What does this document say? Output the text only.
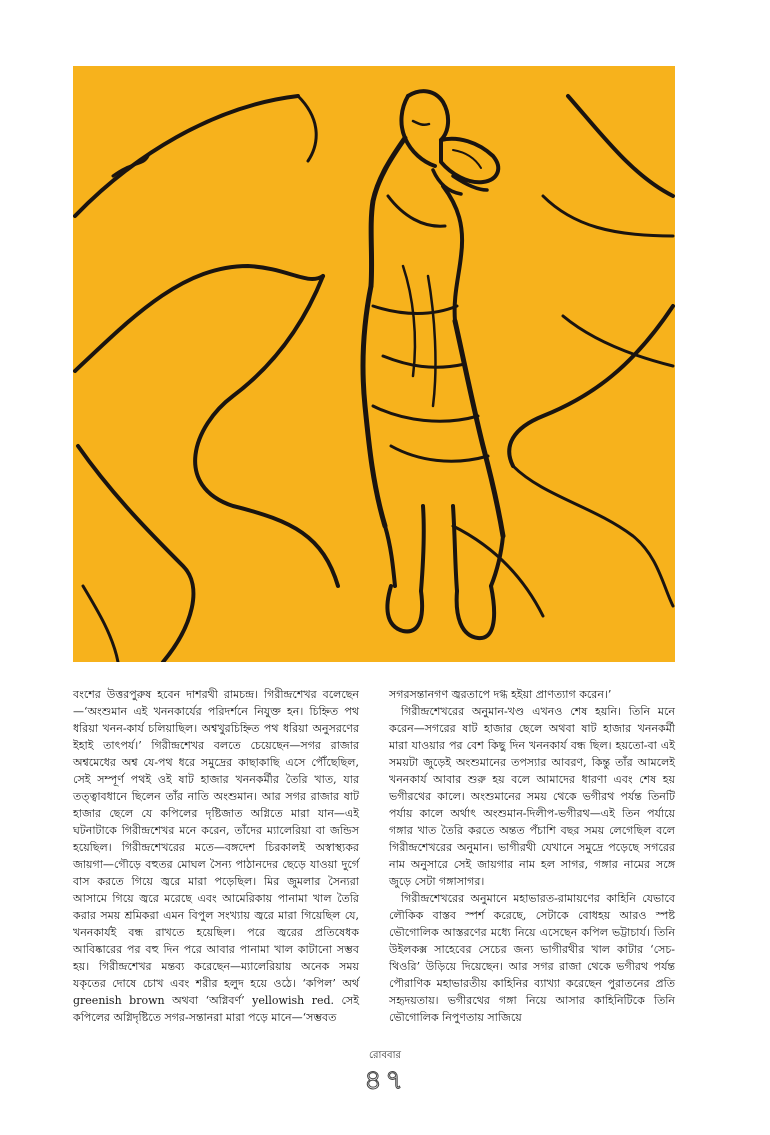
বংশের উত্তরপুরুষ হবেন দাশরথী রামচন্দ্র। গিরীন্দ্রশেখর বলেছেন—‘অংশুমান এই খননকার্যের পরিদর্শনে নিযুক্ত হন। চিহ্নিত পথ ধরিয়া খনন-কার্য চলিয়াছিল। অশ্বখুরচিহ্নিত পথ ধরিয়া অনুসরণের ইহাই তাৎপর্য।’ গিরীন্দ্রশেখর বলতে চেয়েছেন—সগর রাজার অশ্বমেধের অশ্ব যে-পথ ধরে সমুদ্রের কাছাকাছি এসে পৌঁছেছিল, সেই সম্পূর্ণ পথই ওই ষাট হাজার খননকর্মীর তৈরি খাত, যার তত্ত্বাবধানে ছিলেন তাঁর নাতি অংশুমান। আর সগর রাজার ষাট হাজার ছেলে যে কপিলের দৃষ্টিজাত অগ্নিতে মারা যান—এই ঘটনাটাকে গিরীন্দ্রশেখর মনে করেন, তাঁদের ম্যালেরিয়া বা জন্ডিস হয়েছিল। গিরীন্দ্রশেখরের মতে—বঙ্গদেশ চিরকালই অস্বাস্থ্যকর জায়গা—গৌড়ে বহুতর মোঘল সৈন্য পাঠানদের ছেড়ে যাওয়া দুর্গে বাস করতে গিয়ে জ্বরে মারা পড়েছিল। মির জুমলার সৈন্যরা আসামে গিয়ে জ্বরে মরেছে এবং আমেরিকায় পানামা খাল তৈরি করার সময় শ্রমিকরা এমন বিপুল সংখ্যায় জ্বরে মারা গিয়েছিল যে, খননকার্যই বন্ধ রাখতে হয়েছিল। পরে জ্বরের প্রতিষেধক আবিষ্কারের পর বহু দিন পরে আবার পানামা খাল কাটানো সম্ভব হয়। গিরীন্দ্রশেখর মন্তব্য করেছেন—ম্যালেরিয়ায় অনেক সময় যকৃতের দোষে চোখ এবং শরীর হলুদ হয়ে ওঠে। ‘কপিল’ অর্থ greenish brown অথবা ‘অগ্নিবর্ণ’ yellowish red. সেই কপিলের অগ্নিদৃষ্টিতে সগর-সন্তানরা মারা পড়ে মানে—‘সম্ভবত

সগরসন্তানগণ জ্বরতাপে দগ্ধ হইয়া প্রাণত্যাগ করেন।’

গিরীন্দ্রশেখরের অনুমান-খণ্ড এখনও শেষ হয়নি। তিনি মনে করেন—সগরের ষাট হাজার ছেলে অথবা ষাট হাজার খননকর্মী মারা যাওয়ার পর বেশ কিছু দিন খননকার্য বন্ধ ছিল। হয়তো-বা এই সময়টা জুড়েই অংশুমানের তপস্যার আবরণ, কিন্তু তাঁর আমলেই খননকার্য আবার শুরু হয় বলে আমাদের ধারণা এবং শেষ হয় ভগীরথের কালে। অংশুমানের সময় থেকে ভগীরথ পর্যন্ত তিনটি পর্যায় কালে অর্থাৎ অংশুমান-দিলীপ-ভগীরথ—এই তিন পর্যায়ে গঙ্গার খাত তৈরি করতে অন্তত পঁচাশি বছর সময় লেগেছিল বলে গিরীন্দ্রশেখরের অনুমান। ভাগীরথী যেখানে সমুদ্রে পড়েছে সগরের নাম অনুসারে সেই জায়গার নাম হল সাগর, গঙ্গার নামের সঙ্গে জুড়ে সেটা গঙ্গাসাগর।

গিরীন্দ্রশেখরের অনুমানে মহাভারত-রামায়ণের কাহিনি যেভাবে লৌকিক বাস্তব স্পর্শ করেছে, সেটাকে বোধহয় আরও স্পষ্ট ভৌগোলিক আস্তরণের মধ্যে নিয়ে এসেছেন কপিল ভট্টাচার্য। তিনি উইলকক্স সাহেবের সেচের জন্য ভাগীরথীর খাল কাটার ‘সেচ-থিওরি’ উড়িয়ে দিয়েছেন। আর সগর রাজা থেকে ভগীরথ পর্যন্ত পৌরাণিক মহাভারতীয় কাহিনির ব্যাখ্যা করেছেন পুরাতনের প্রতি সহৃদয়তায়। ভগীরথের গঙ্গা নিয়ে আসার কাহিনিটিকে তিনি ভৌগোলিক নিপুণতায় সাজিয়ে

রোববার
৪৭
